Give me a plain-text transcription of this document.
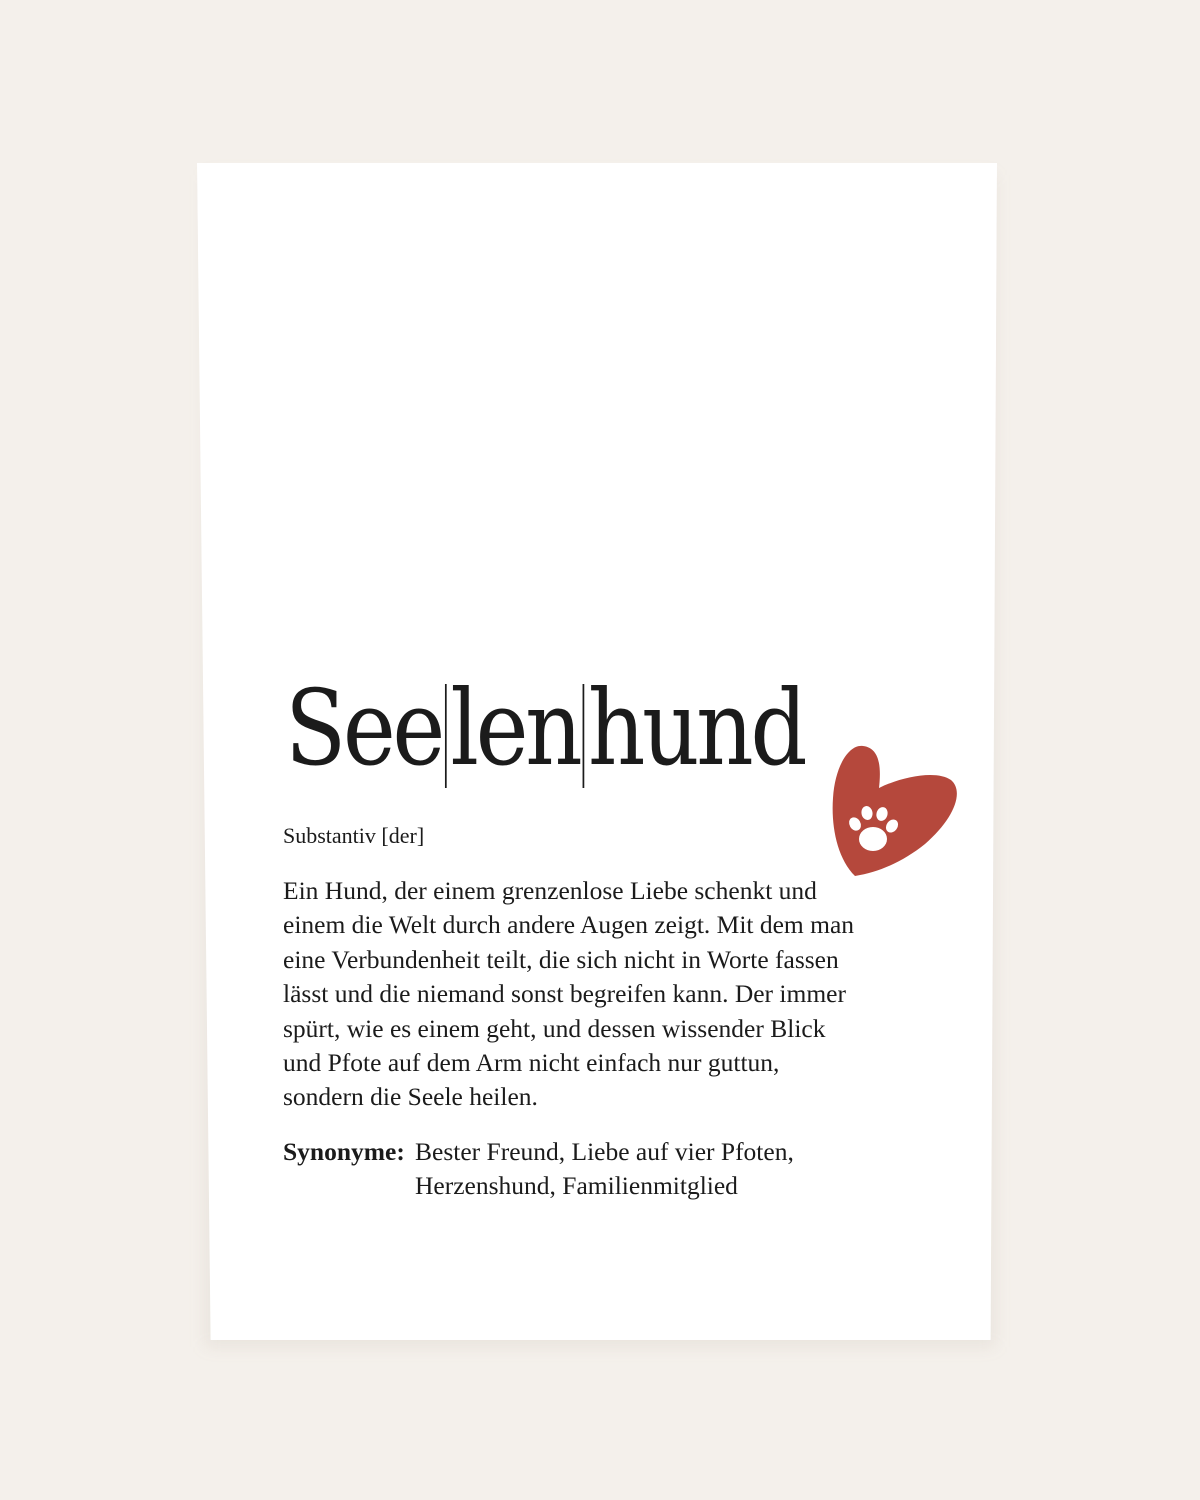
Seelenhund
Substantiv [der]

Ein Hund, der einem grenzenlose Liebe schenkt und
einem die Welt durch andere Augen zeigt. Mit dem man
eine Verbundenheit teilt, die sich nicht in Worte fassen
lässt und die niemand sonst begreifen kann. Der immer
spürt, wie es einem geht, und dessen wissender Blick
und Pfote auf dem Arm nicht einfach nur guttun,
sondern die Seele heilen.

Synonyme: Bester Freund, Liebe auf vier Pfoten,
Herzenshund, Familienmitglied
